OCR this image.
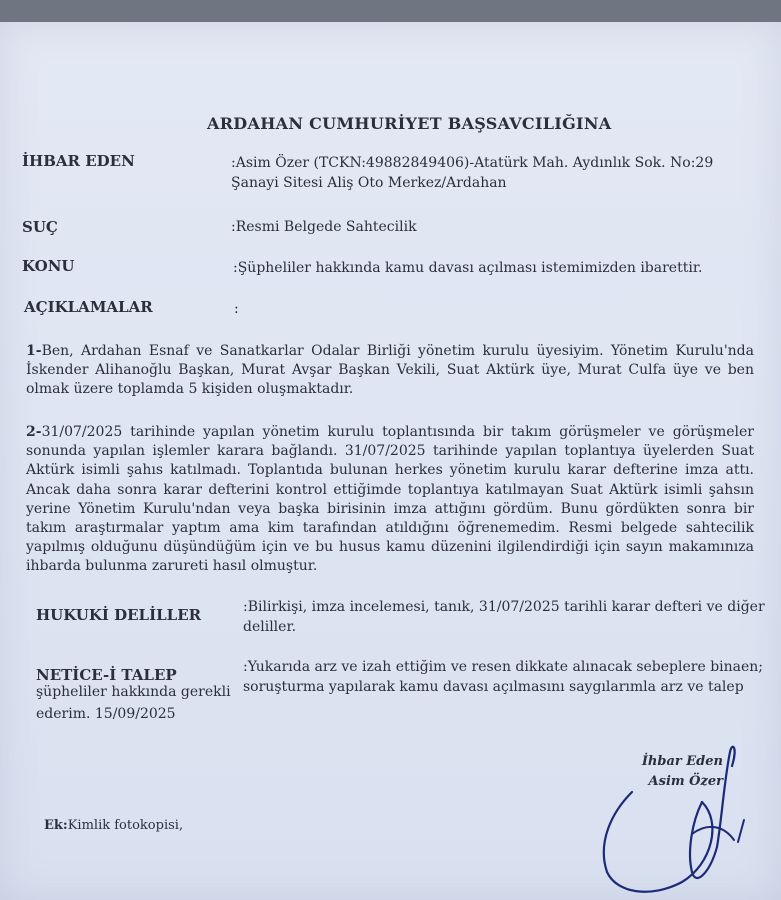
ARDAHAN CUMHURİYET BAŞSAVCILIĞINA
İHBAR EDEN	:Asim Özer (TCKN:49882849406)-Atatürk Mah. Aydınlık Sok. No:29
Şanayi Sitesi Aliş Oto Merkez/Ardahan
SUÇ	:Resmi Belgede Sahtecilik
KONU	:Şüpheliler hakkında kamu davası açılması istemimizden ibarettir.
AÇIKLAMALAR	:
1-Ben, Ardahan Esnaf ve Sanatkarlar Odalar Birliği yönetim kurulu üyesiyim. Yönetim Kurulu'nda İskender Alihanoğlu Başkan, Murat Avşar Başkan Vekili, Suat Aktürk üye, Murat Culfa üye ve ben olmak üzere toplamda 5 kişiden oluşmaktadır.
2-31/07/2025 tarihinde yapılan yönetim kurulu toplantısında bir takım görüşmeler ve görüşmeler sonunda yapılan işlemler karara bağlandı. 31/07/2025 tarihinde yapılan toplantıya üyelerden Suat Aktürk isimli şahıs katılmadı. Toplantıda bulunan herkes yönetim kurulu karar defterine imza attı. Ancak daha sonra karar defterini kontrol ettiğimde toplantıya katılmayan Suat Aktürk isimli şahsın yerine Yönetim Kurulu'ndan veya başka birisinin imza attığını gördüm. Bunu gördükten sonra bir takım araştırmalar yaptım ama kim tarafından atıldığını öğrenemedim. Resmi belgede sahtecilik yapılmış olduğunu düşündüğüm için ve bu husus kamu düzenini ilgilendirdiği için sayın makamınıza ihbarda bulunma zarureti hasıl olmuştur.
HUKUKİ DELİLLER	:Bilirkişi, imza incelemesi, tanık, 31/07/2025 tarihli karar defteri ve diğer
deliller.
NETİCE-İ TALEP	:Yukarıda arz ve izah ettiğim ve resen dikkate alınacak sebeplere binaen;
şüpheliler hakkında gerekli soruşturma yapılarak kamu davası açılmasını saygılarımla arz ve talep
ederim. 15/09/2025
İhbar Eden
Asim Özer
Ek:Kimlik fotokopisi,
